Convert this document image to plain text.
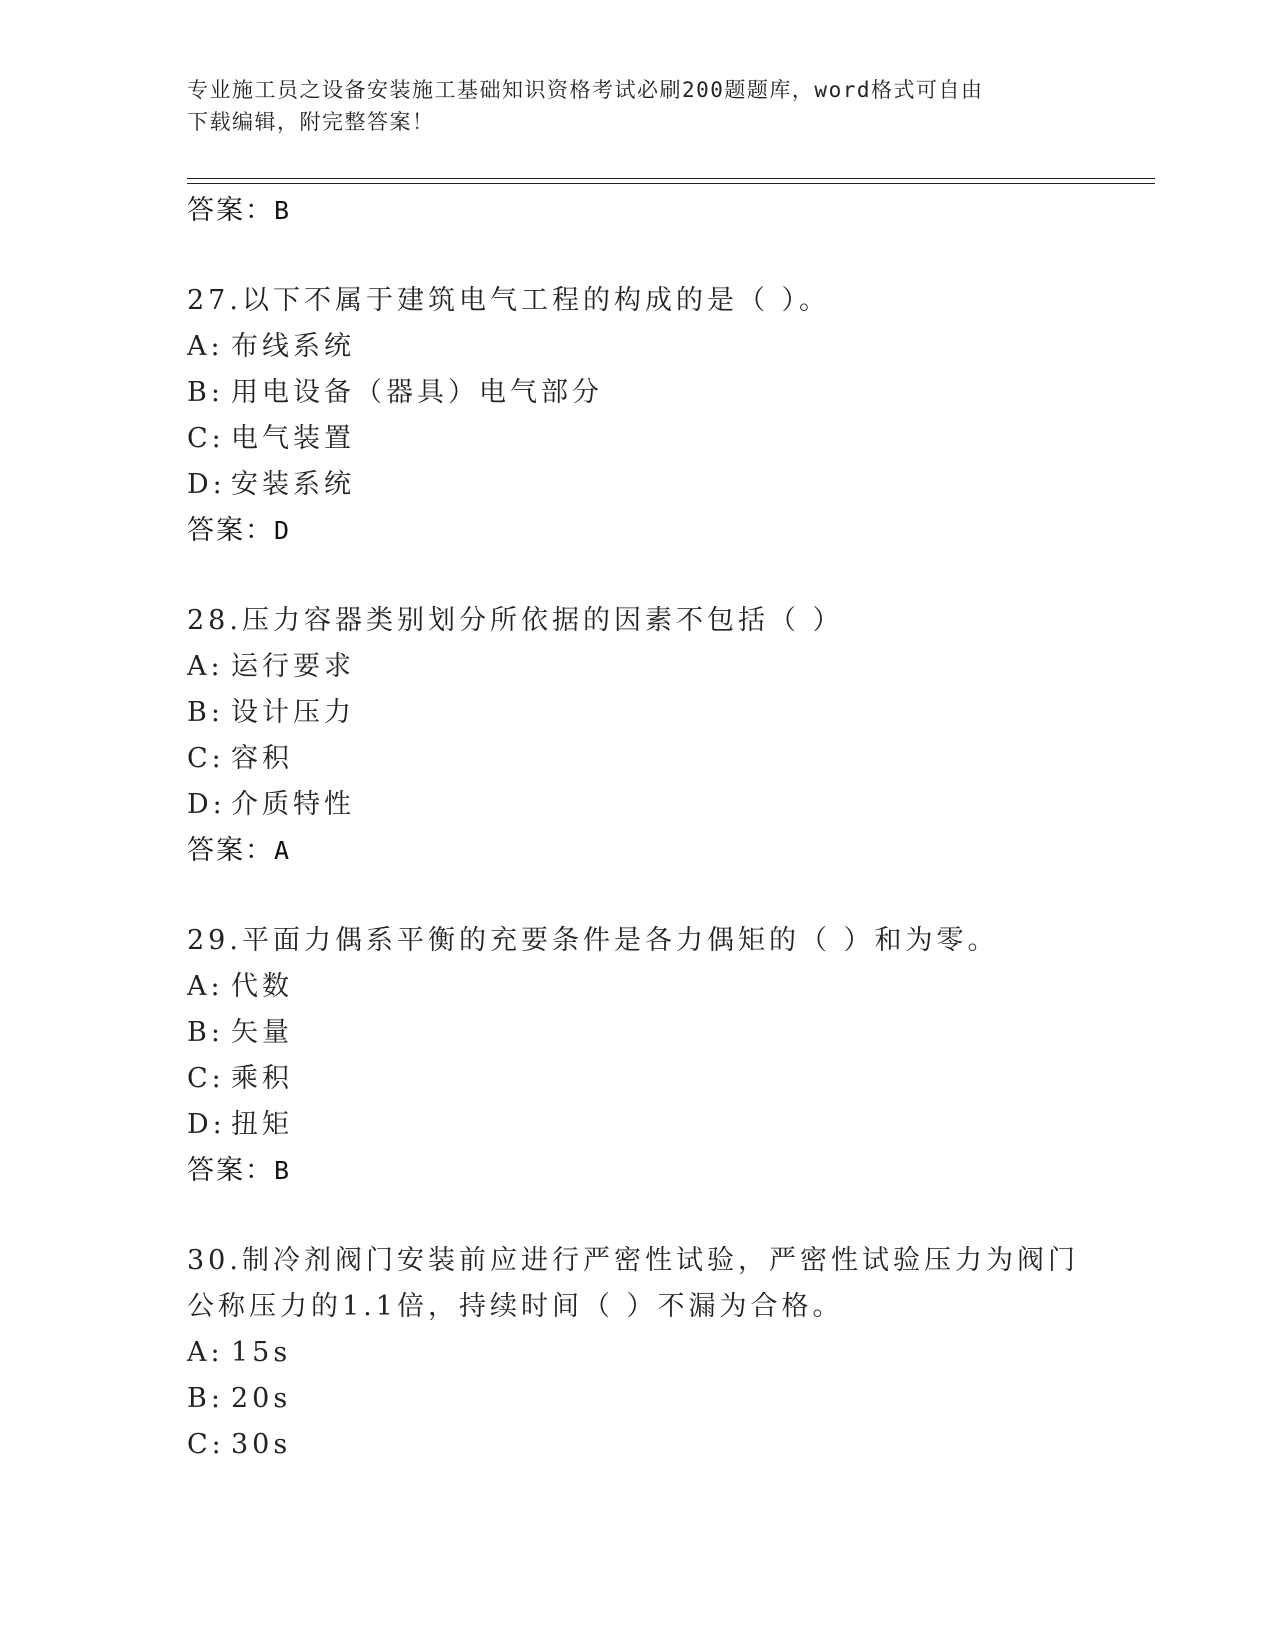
专业施工员之设备安装施工基础知识资格考试必刷200题题库，word格式可自由
下载编辑，附完整答案！
答案：B
27.以下不属于建筑电气工程的构成的是（ ）。
A: 布线系统
B: 用电设备（器具）电气部分
C: 电气装置
D: 安装系统
答案：D
28.压力容器类别划分所依据的因素不包括（ ）
A: 运行要求
B: 设计压力
C: 容积
D: 介质特性
答案：A
29.平面力偶系平衡的充要条件是各力偶矩的（ ）和为零。
A: 代数
B: 矢量
C: 乘积
D: 扭矩
答案：B
30.制冷剂阀门安装前应进行严密性试验，严密性试验压力为阀门公称压力的1.1倍，持续时间（ ）不漏为合格。
A: 15s
B: 20s
C: 30s
